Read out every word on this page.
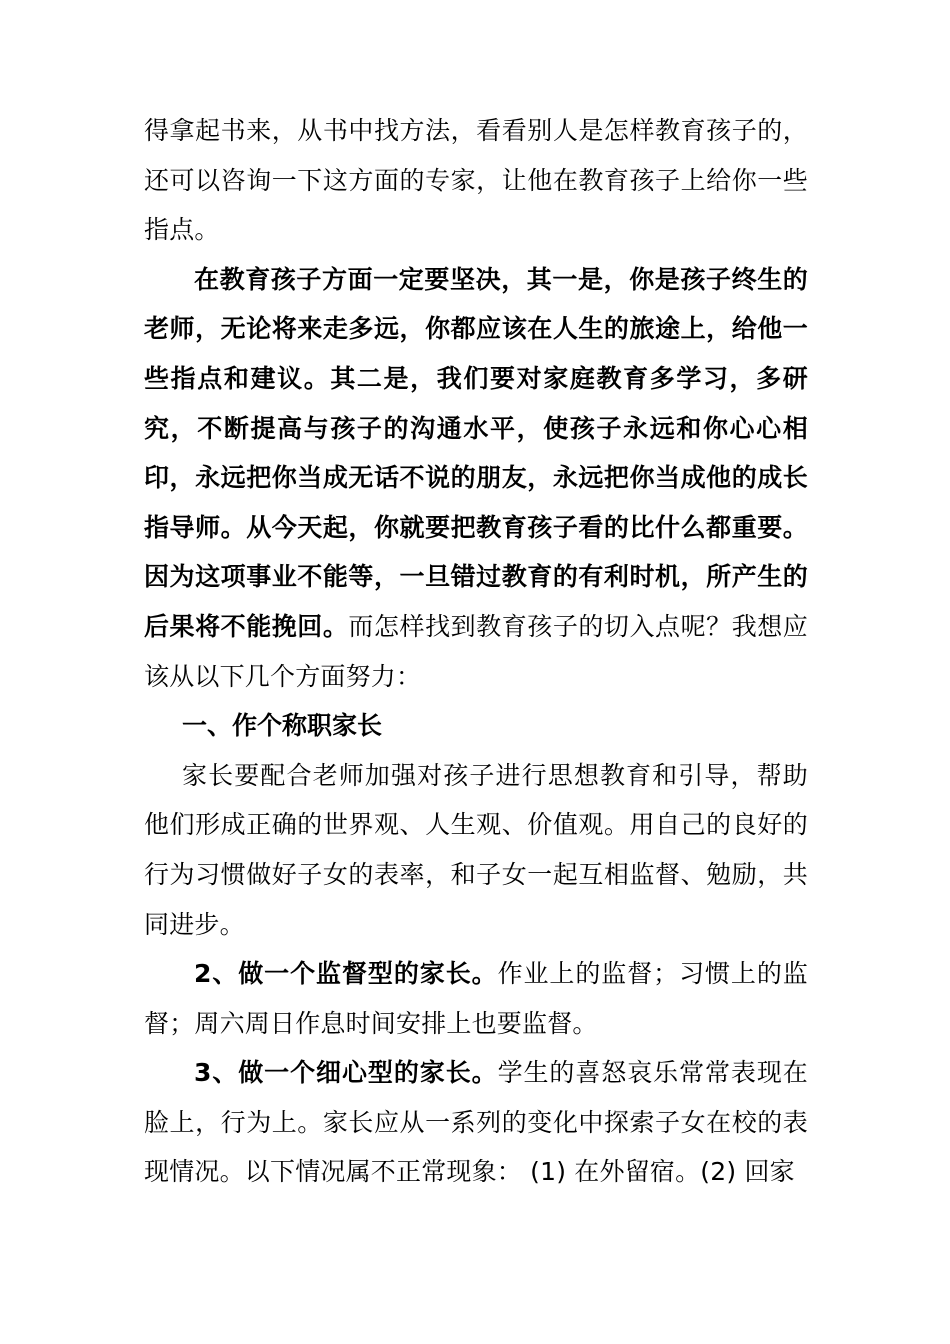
得拿起书来，从书中找方法，看看别人是怎样教育孩子的，还可以咨询一下这方面的专家，让他在教育孩子上给你一些指点。

在教育孩子方面一定要坚决，其一是，你是孩子终生的老师，无论将来走多远，你都应该在人生的旅途上，给他一些指点和建议。其二是，我们要对家庭教育多学习，多研究，不断提高与孩子的沟通水平，使孩子永远和你心心相印，永远把你当成无话不说的朋友，永远把你当成他的成长指导师。从今天起，你就要把教育孩子看的比什么都重要。因为这项事业不能等，一旦错过教育的有利时机，所产生的后果将不能挽回。而怎样找到教育孩子的切入点呢？我想应该从以下几个方面努力：

一、作个称职家长

家长要配合老师加强对孩子进行思想教育和引导，帮助他们形成正确的世界观、人生观、价值观。用自己的良好的行为习惯做好子女的表率，和子女一起互相监督、勉励，共同进步。

2、做一个监督型的家长。作业上的监督；习惯上的监督；周六周日作息时间安排上也要监督。

3、做一个细心型的家长。学生的喜怒哀乐常常表现在脸上，行为上。家长应从一系列的变化中探索子女在校的表现情况。以下情况属不正常现象： (1) 在外留宿。(2) 回家
